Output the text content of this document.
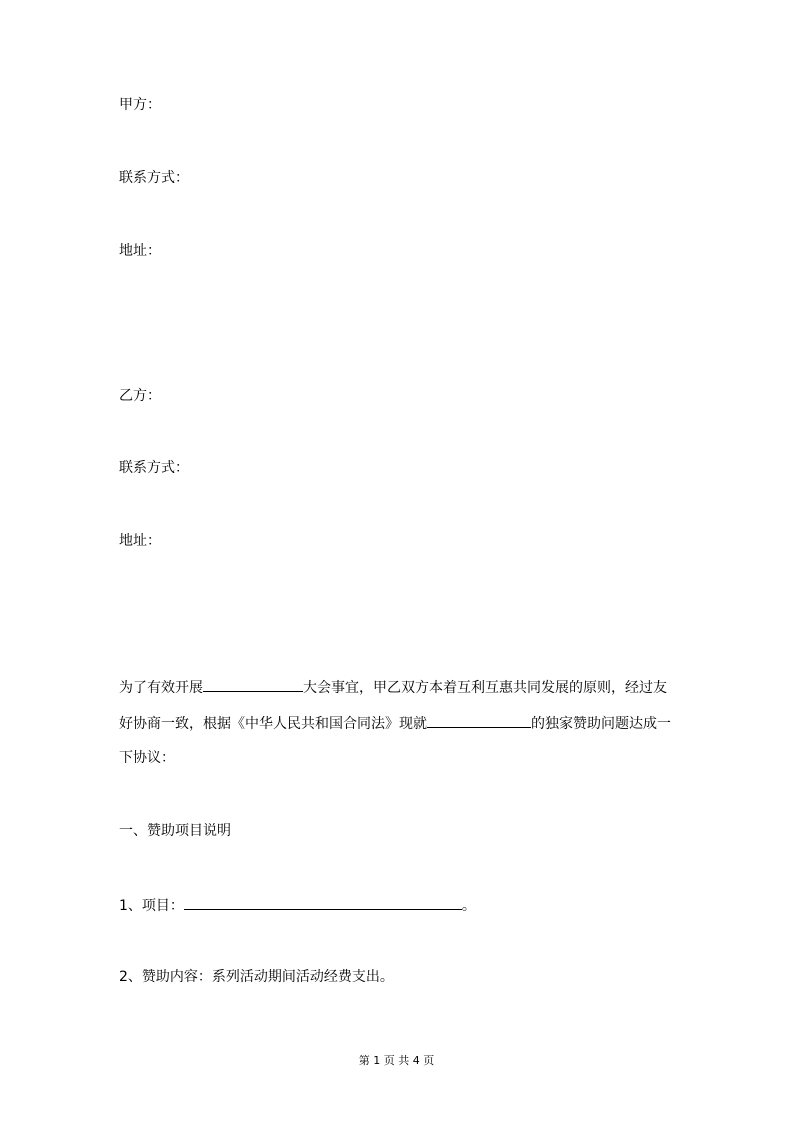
甲方：
联系方式：
地址：
乙方：
联系方式：
地址：
为了有效开展	大会事宜，甲乙双方本着互利互惠共同发展的原则，经过友
好协商一致，根据《中华人民共和国合同法》现就	的独家赞助问题达成一
下协议：
一、赞助项目说明
1、项目：	。
2、赞助内容：系列活动期间活动经费支出。
第 1 页 共 4 页
